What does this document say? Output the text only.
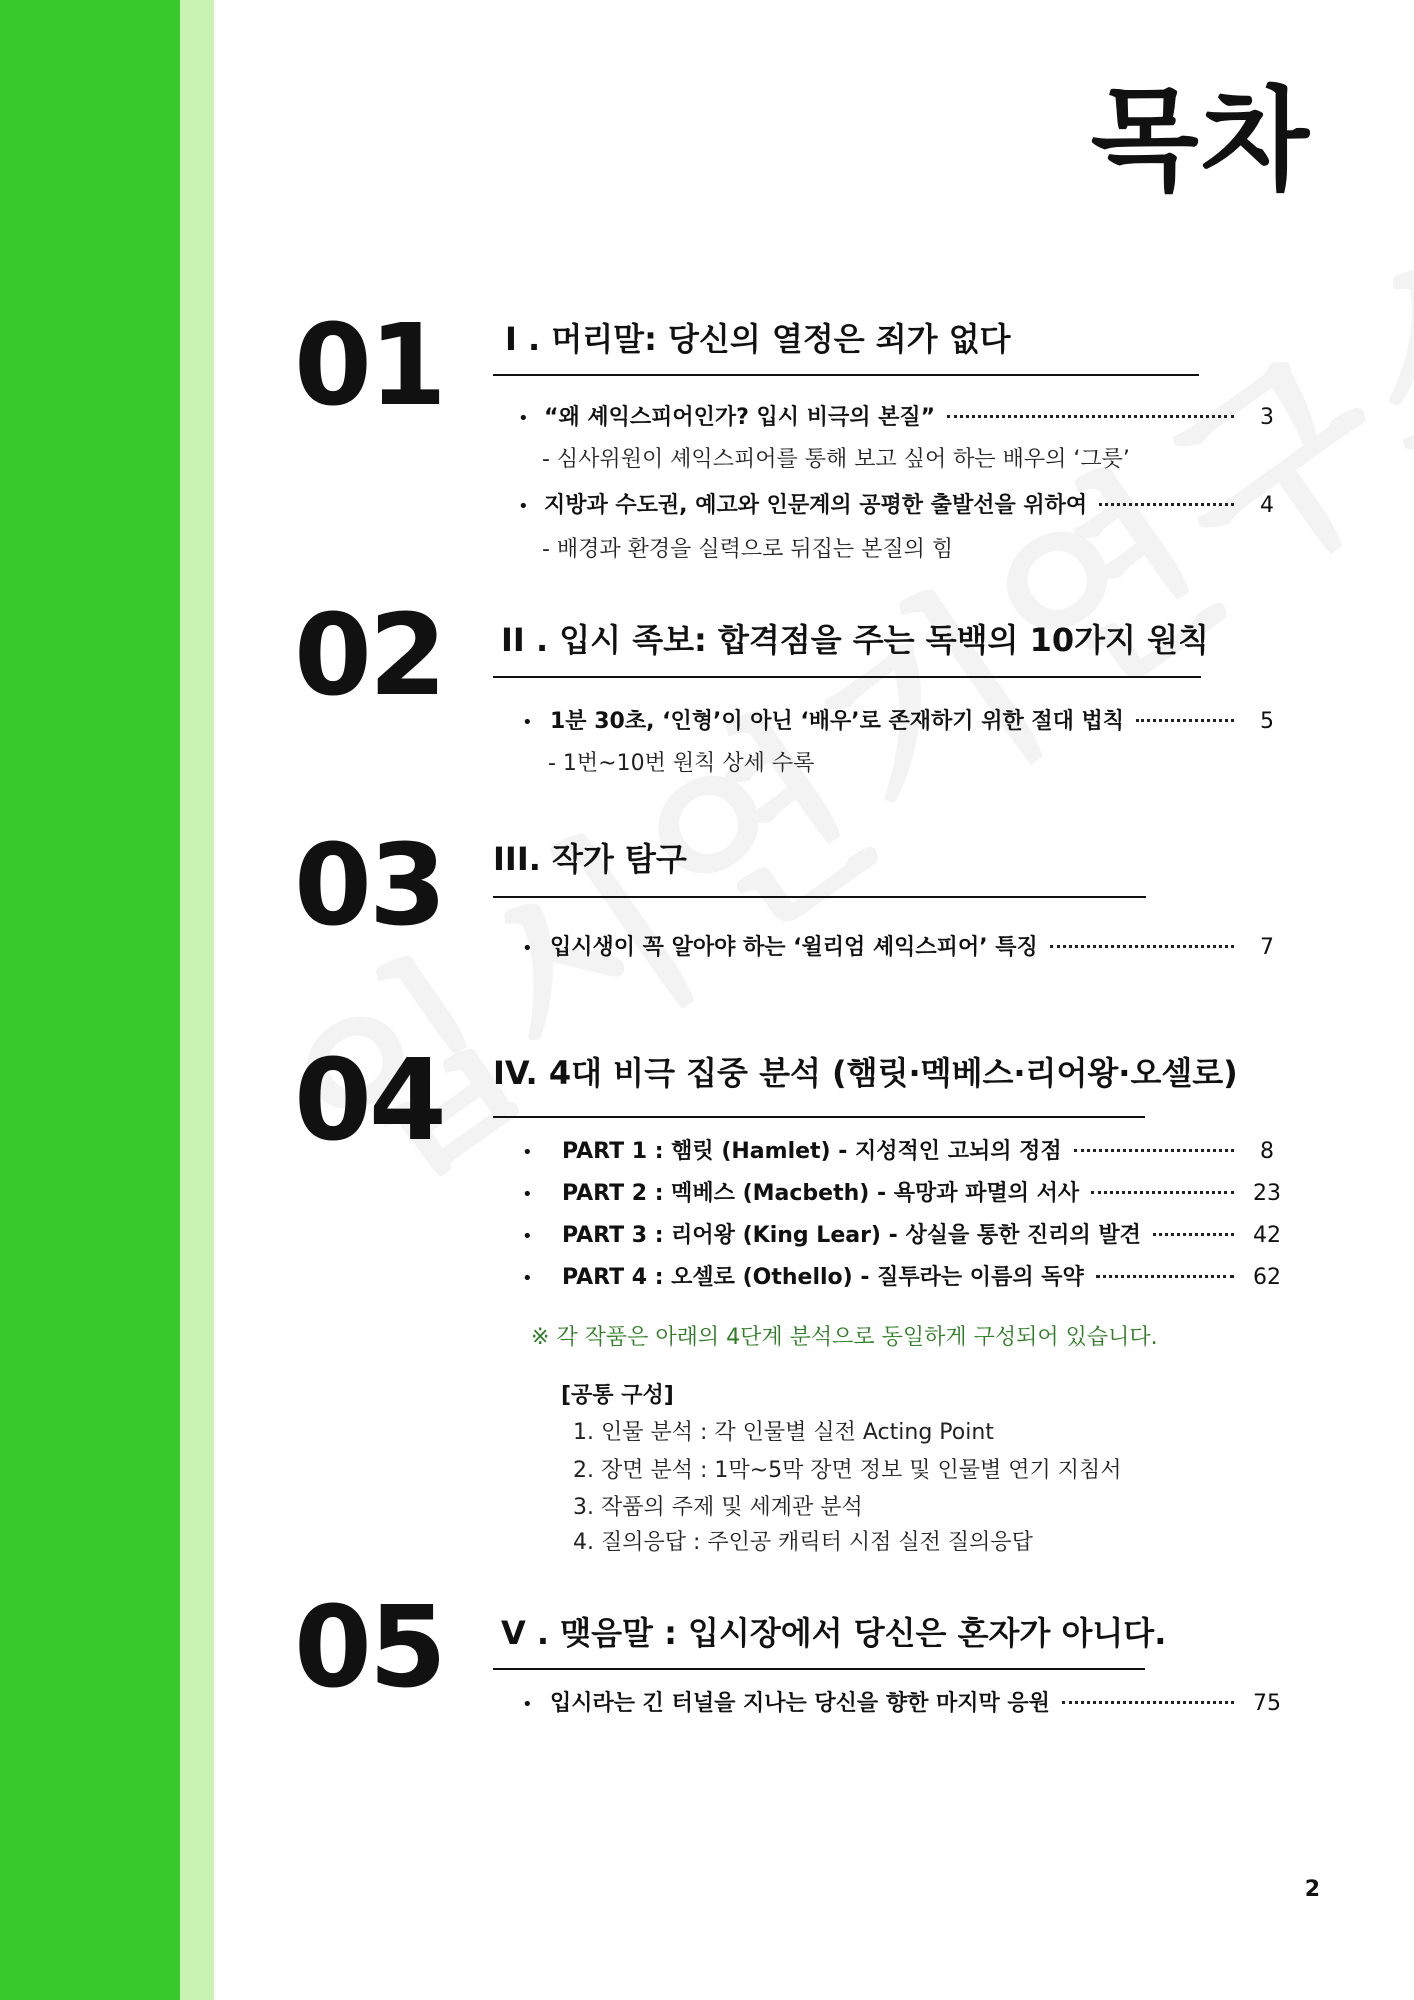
목차
01 I . 머리말: 당신의 열정은 죄가 없다
• “왜 셰익스피어인가? 입시 비극의 본질”	3
- 심사위원이 셰익스피어를 통해 보고 싶어 하는 배우의 ‘그릇’
• 지방과 수도권, 예고와 인문계의 공평한 출발선을 위하여	4
- 배경과 환경을 실력으로 뒤집는 본질의 힘
02 II . 입시 족보: 합격점을 주는 독백의 10가지 원칙
• 1분 30초, ‘인형’이 아닌 ‘배우’로 존재하기 위한 절대 법칙	5
- 1번~10번 원칙 상세 수록
03 III. 작가 탐구
• 입시생이 꼭 알아야 하는 ‘윌리엄 셰익스피어’ 특징	7
04 IV. 4대 비극 집중 분석 (햄릿·멕베스·리어왕·오셀로)
•	PART 1 : 햄릿 (Hamlet) - 지성적인 고뇌의 정점	8
•	PART 2 : 멕베스 (Macbeth) - 욕망과 파멸의 서사	23
•	PART 3 : 리어왕 (King Lear) - 상실을 통한 진리의 발견	42
•	PART 4 : 오셀로 (Othello) - 질투라는 이름의 독약	62
※ 각 작품은 아래의 4단계 분석으로 동일하게 구성되어 있습니다.
[공통 구성]
1. 인물 분석 : 각 인물별 실전 Acting Point
2. 장면 분석 : 1막~5막 장면 정보 및 인물별 연기 지침서
3. 작품의 주제 및 세계관 분석
4. 질의응답 : 주인공 캐릭터 시점 실전 질의응답
05 V . 맺음말 : 입시장에서 당신은 혼자가 아니다.
• 입시라는 긴 터널을 지나는 당신을 향한 마지막 응원	75
2
